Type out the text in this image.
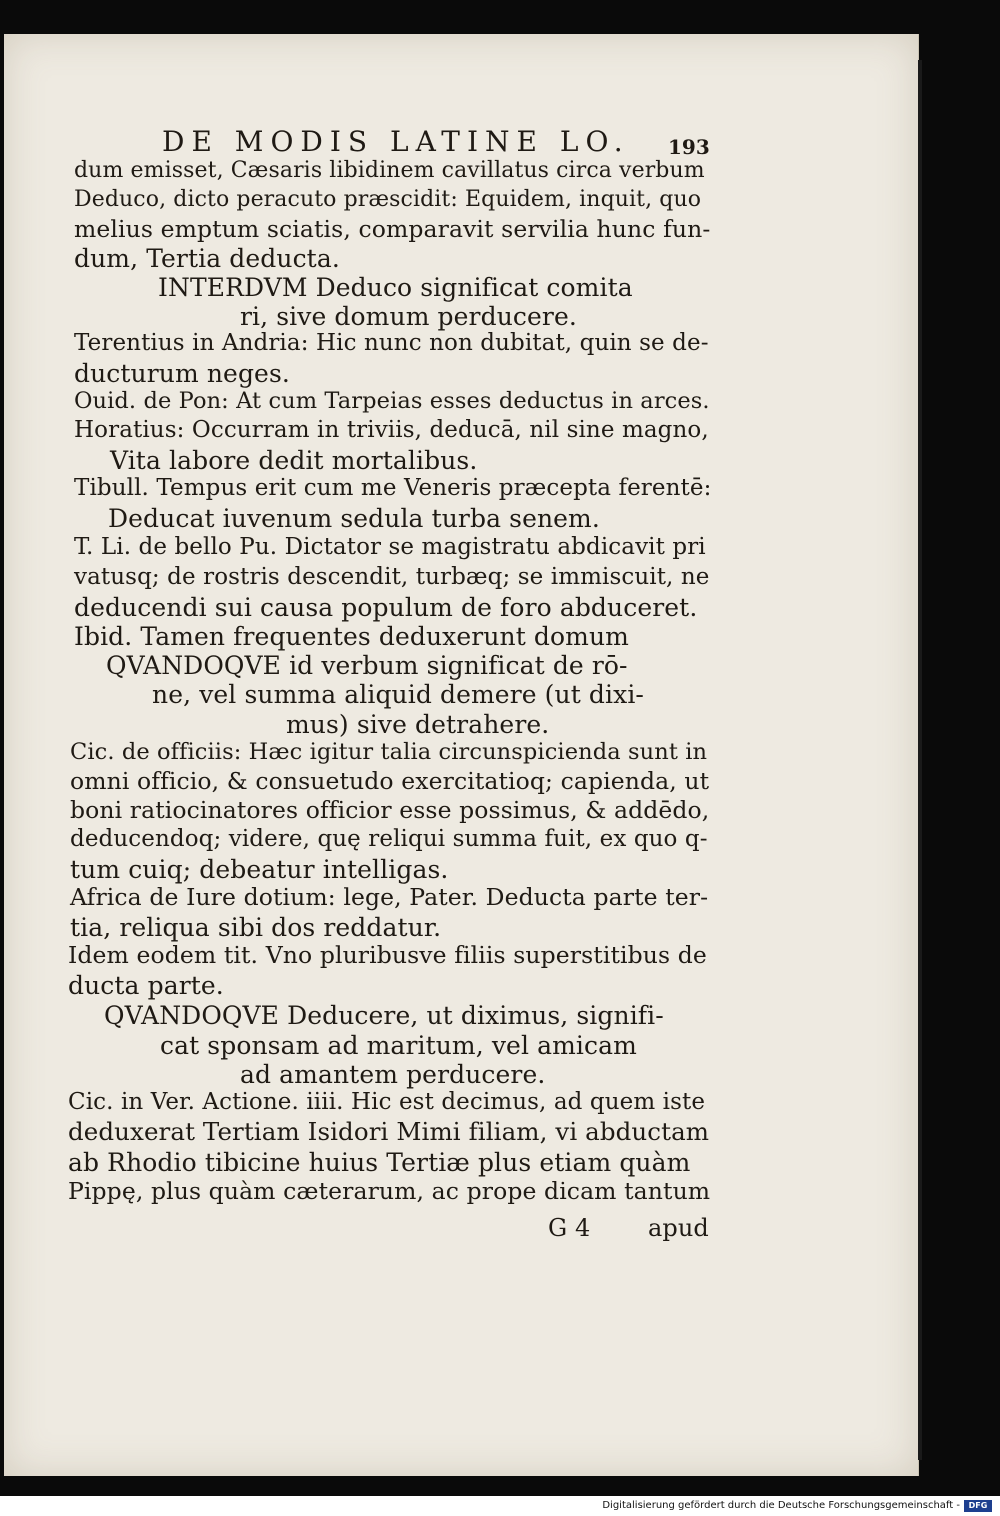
DE MODIS LATINE LO. 193
dum emisset, Cæsaris libidinem cavillatus circa verbum
Deduco, dicto peracuto præscidit: Equidem, inquit, quo
melius emptum sciatis, comparavit servilia hunc fun-
dum, Tertia deducta.
INTERDVM Deduco significat comita
ri, sive domum perducere.
Terentius in Andria: Hic nunc non dubitat, quin se de-
ducturum neges.
Ouid. de Pon: At cum Tarpeias esses deductus in arces.
Horatius: Occurram in triviis, deducā, nil sine magno,
Vita labore dedit mortalibus.
Tibull. Tempus erit cum me Veneris præcepta ferentē:
Deducat iuvenum sedula turba senem.
T. Li. de bello Pu. Dictator se magistratu abdicavit pri
vatusq; de rostris descendit, turbæq; se immiscuit, ne
deducendi sui causa populum de foro abduceret.
Ibid. Tamen frequentes deduxerunt domum
QVANDOQVE id verbum significat de rō-
ne, vel summa aliquid demere (ut dixi-
mus) sive detrahere.
Cic. de officiis: Hæc igitur talia circunspicienda sunt in
omni officio, & consuetudo exercitatioq; capienda, ut
boni ratiocinatores officior esse possimus, & addēdo,
deducendoq; videre, quę reliqui summa fuit, ex quo q-
tum cuiq; debeatur intelligas.
Africa de Iure dotium: lege, Pater. Deducta parte ter-
tia, reliqua sibi dos reddatur.
Idem eodem tit. Vno pluribusve filiis superstitibus de
ducta parte.
QVANDOQVE Deducere, ut diximus, signifi-
cat sponsam ad maritum, vel amicam
ad amantem perducere.
Cic. in Ver. Actione. iiii. Hic est decimus, ad quem iste
deduxerat Tertiam Isidori Mimi filiam, vi abductam
ab Rhodio tibicine huius Tertiæ plus etiam quàm
Pippę, plus quàm cæterarum, ac prope dicam tantum
G 4 apud
Digitalisierung gefördert durch die Deutsche Forschungsgemeinschaft -	DFG
